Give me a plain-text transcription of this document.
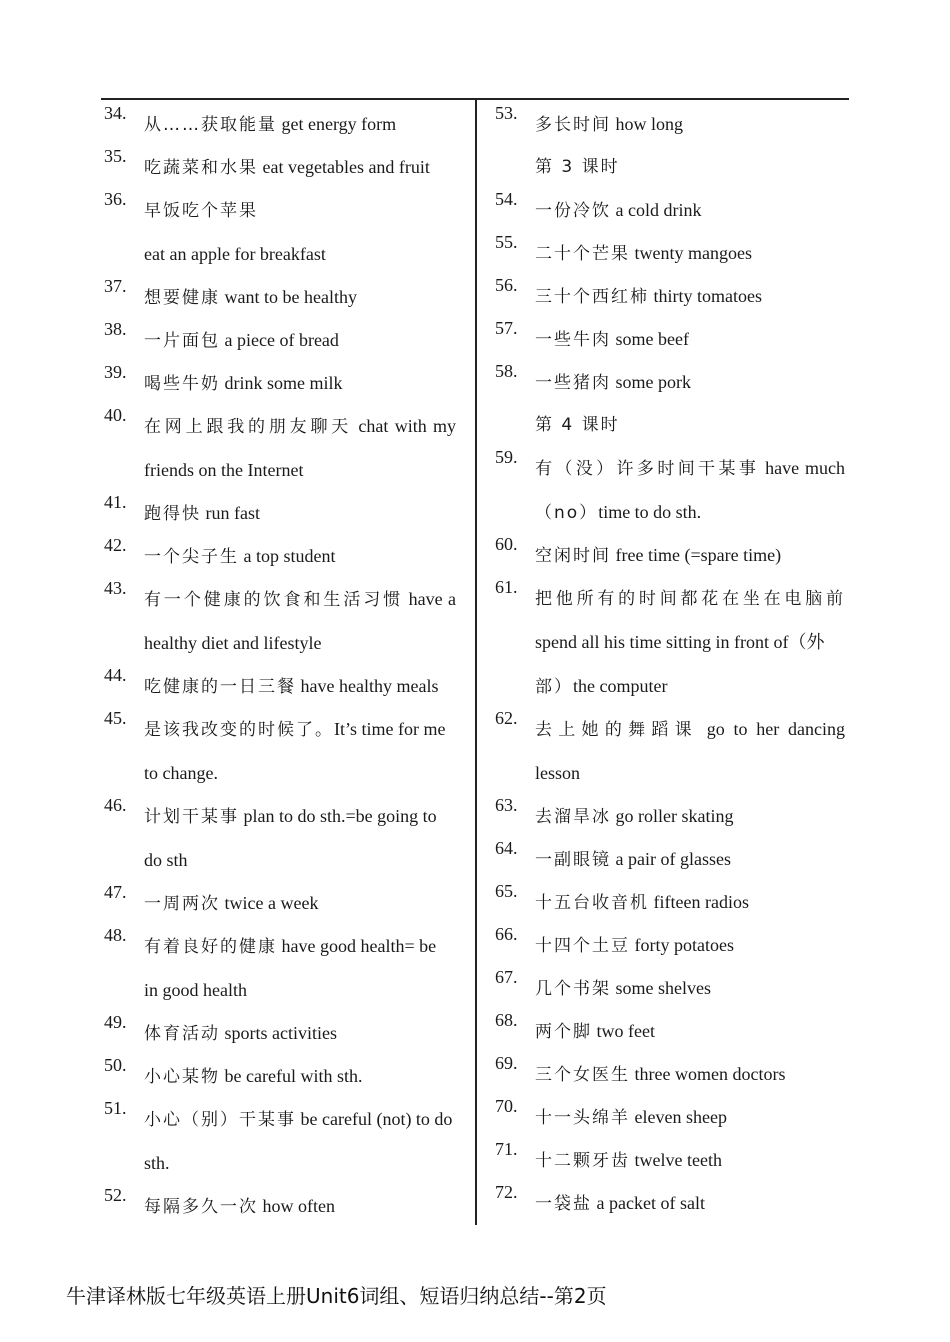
34.
从……获取能量 get energy form
35.
吃蔬菜和水果 eat vegetables and fruit
36.
早饭吃个苹果
eat an apple for breakfast
37.
想要健康 want to be healthy
38.
一片面包 a piece of bread
39.
喝些牛奶 drink some milk
40.
在网上跟我的朋友聊天 chat with my
friends on the Internet
41.
跑得快 run fast
42.
一个尖子生 a top student
43.
有一个健康的饮食和生活习惯 have a
healthy diet and lifestyle
44.
吃健康的一日三餐 have healthy meals
45.
是该我改变的时候了。It’s time for me
to change.
46.
计划干某事 plan to do sth.=be going to
do sth
47.
一周两次 twice a week
48.
有着良好的健康 have good health= be
in good health
49.
体育活动 sports activities
50.
小心某物 be careful with sth.
51.
小心（别）干某事 be careful (not) to do
sth.
52.
每隔多久一次 how often
53.
多长时间 how long
第 3 课时
54.
一份冷饮 a cold drink
55.
二十个芒果 twenty mangoes
56.
三十个西红柿 thirty tomatoes
57.
一些牛肉 some beef
58.
一些猪肉 some pork
第 4 课时
59.
有（没）许多时间干某事 have much
（no）time to do sth.
60.
空闲时间 free time (=spare time)
61.
把他所有的时间都花在坐在电脑前
spend all his time sitting in front of（外
部）the computer
62.
去上她的舞蹈课 go to her dancing
lesson
63.
去溜旱冰 go roller skating
64.
一副眼镜 a pair of glasses
65.
十五台收音机 fifteen radios
66.
十四个土豆 forty potatoes
67.
几个书架 some shelves
68.
两个脚 two feet
69.
三个女医生 three women doctors
70.
十一头绵羊 eleven sheep
71.
十二颗牙齿 twelve teeth
72.
一袋盐 a packet of salt
牛津译林版七年级英语上册Unit6词组、短语归纳总结--第2页
